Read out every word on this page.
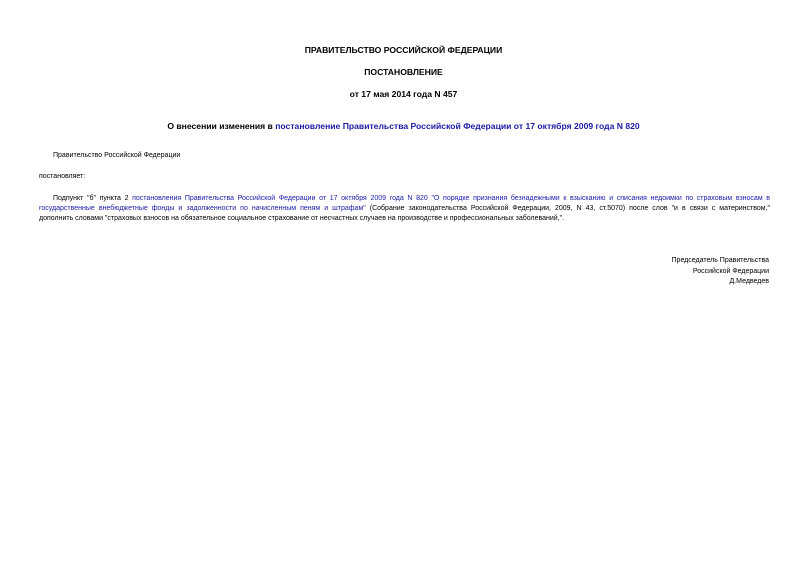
ПРАВИТЕЛЬСТВО РОССИЙСКОЙ ФЕДЕРАЦИИ
ПОСТАНОВЛЕНИЕ
от 17 мая 2014 года N 457
О внесении изменения в постановление Правительства Российской Федерации от 17 октября 2009 года N 820
Правительство Российской Федерации
постановляет:
Подпункт "б" пункта 2 постановления Правительства Российской Федерации от 17 октября 2009 года N 820 "О порядке признания безнадежными к взысканию и списания недоимки по страховым взносам в
государственные внебюджетные фонды и задолженности по начисленным пеням и штрафам" (Собрание законодательства Российской Федерации, 2009, N 43, ст.5070) после слов "и в связи с материнством,"
дополнить словами "страховых взносов на обязательное социальное страхование от несчастных случаев на производстве и профессиональных заболеваний,".
Председатель Правительства
Российской Федерации
Д.Медведев
